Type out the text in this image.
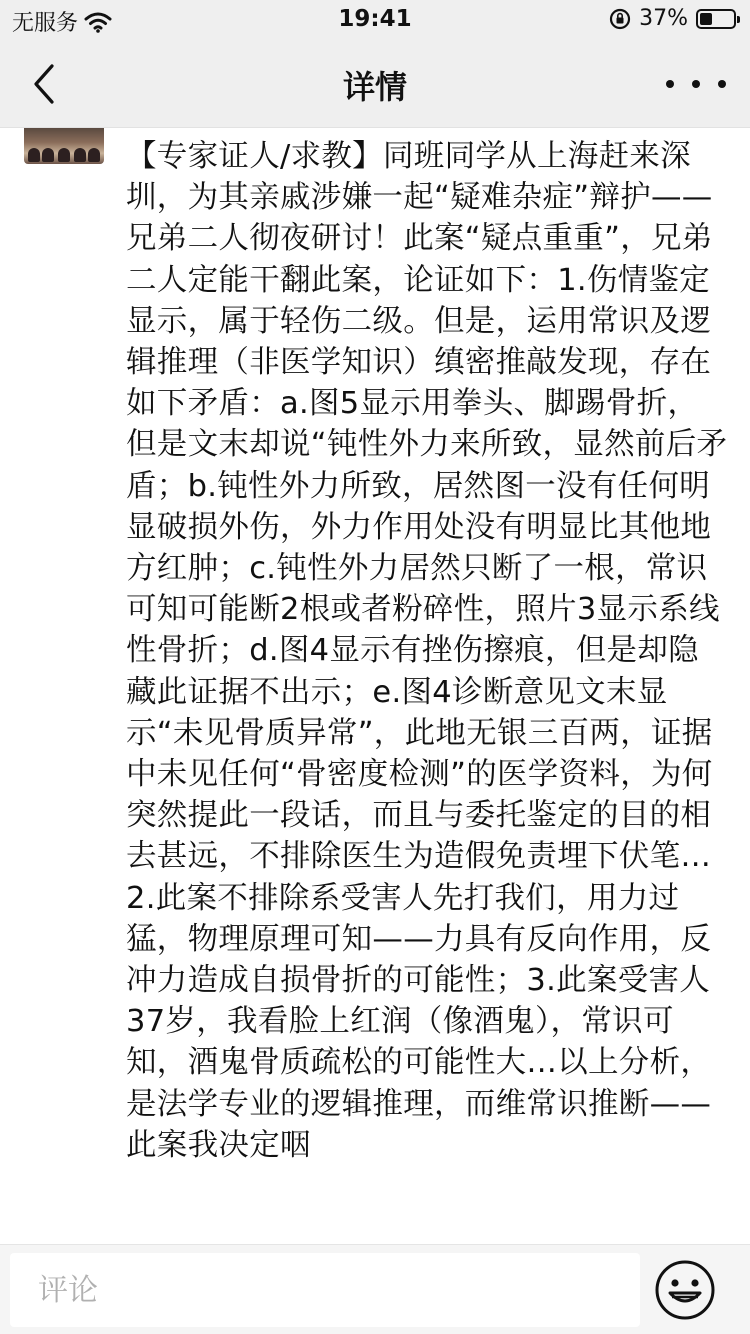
无服务	19:41	37%
详情
【专家证人/求教】同班同学从上海赶来深圳，为其亲戚涉嫌一起“疑难杂症”辩护——兄弟二人彻夜研讨！此案“疑点重重”，兄弟二人定能干翻此案，论证如下：1.伤情鉴定显示，属于轻伤二级。但是，运用常识及逻辑推理（非医学知识）缜密推敲发现，存在如下矛盾：a.图5显示用拳头、脚踢骨折，但是文末却说“钝性外力来所致，显然前后矛盾；b.钝性外力所致，居然图一没有任何明显破损外伤，外力作用处没有明显比其他地方红肿；c.钝性外力居然只断了一根，常识可知可能断2根或者粉碎性，照片3显示系线性骨折；d.图4显示有挫伤擦痕，但是却隐藏此证据不出示；e.图4诊断意见文末显示“未见骨质异常”，此地无银三百两，证据中未见任何“骨密度检测”的医学资料，为何突然提此一段话，而且与委托鉴定的目的相去甚远，不排除医生为造假免责埋下伏笔…2.此案不排除系受害人先打我们，用力过猛，物理原理可知——力具有反向作用，反冲力造成自损骨折的可能性；3.此案受害人37岁，我看脸上红润（像酒鬼），常识可知，酒鬼骨质疏松的可能性大…以上分析，是法学专业的逻辑推理，而维常识推断——此案我决定咽
评论
